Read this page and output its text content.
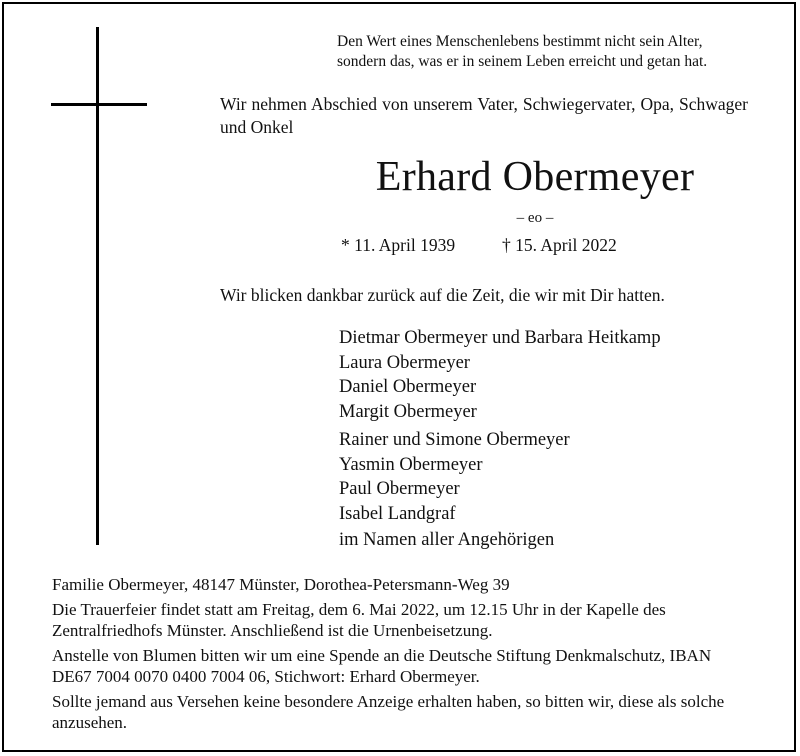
Den Wert eines Menschenlebens bestimmt nicht sein Alter,
sondern das, was er in seinem Leben erreicht und getan hat.
Wir nehmen Abschied von unserem Vater, Schwiegervater, Opa, Schwager und Onkel
Erhard Obermeyer
– eo –
* 11. April 1939	† 15. April 2022
Wir blicken dankbar zurück auf die Zeit, die wir mit Dir hatten.
Dietmar Obermeyer und Barbara Heitkamp
Laura Obermeyer
Daniel Obermeyer
Margit Obermeyer
Rainer und Simone Obermeyer
Yasmin Obermeyer
Paul Obermeyer
Isabel Landgraf
im Namen aller Angehörigen
Familie Obermeyer, 48147 Münster, Dorothea-Petersmann-Weg 39
Die Trauerfeier findet statt am Freitag, dem 6. Mai 2022, um 12.15 Uhr in der Kapelle des Zentralfriedhofs Münster. Anschließend ist die Urnenbeisetzung.
Anstelle von Blumen bitten wir um eine Spende an die Deutsche Stiftung Denkmalschutz, IBAN DE67 7004 0070 0400 7004 06, Stichwort: Erhard Obermeyer.
Sollte jemand aus Versehen keine besondere Anzeige erhalten haben, so bitten wir, diese als solche anzusehen.
